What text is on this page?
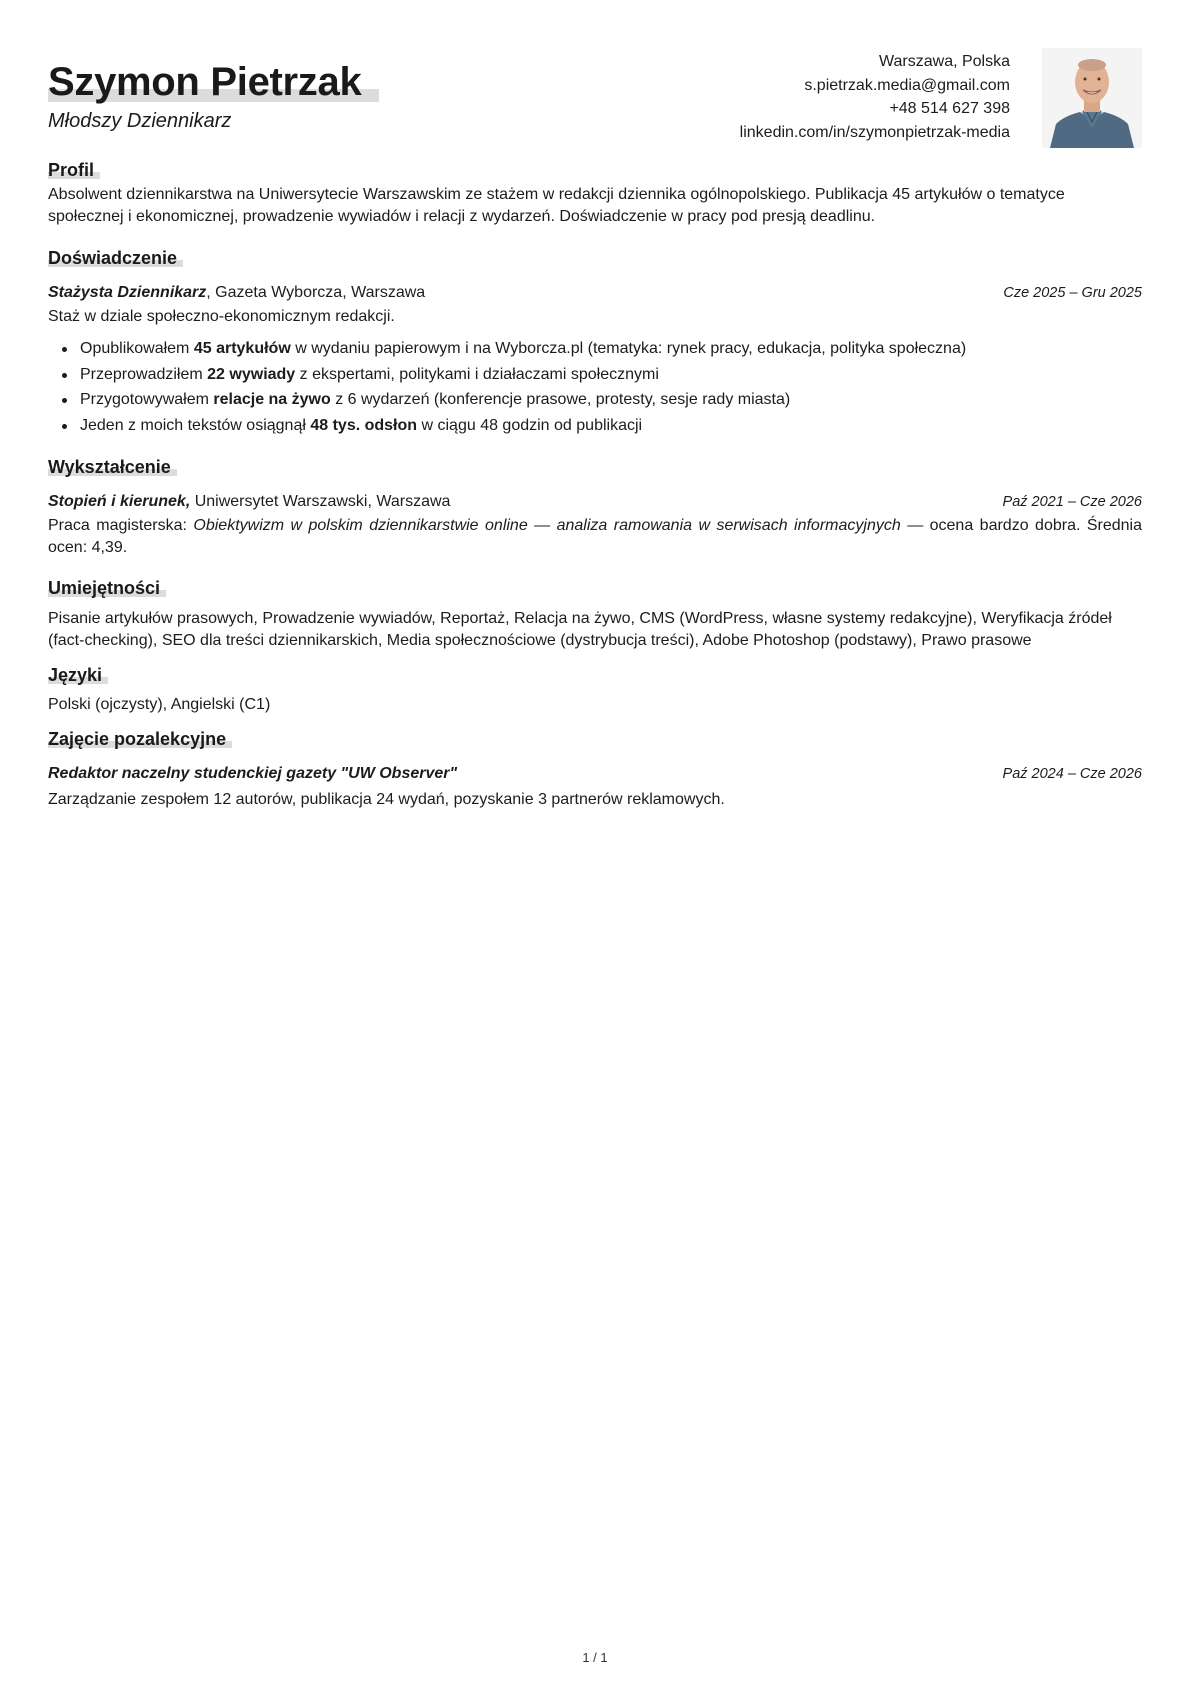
Szymon Pietrzak
Młodszy Dziennikarz
Warszawa, Polska
s.pietrzak.media@gmail.com
+48 514 627 398
linkedin.com/in/szymonpietrzak-media
Profil
Absolwent dziennikarstwa na Uniwersytecie Warszawskim ze stażem w redakcji dziennika ogólnopolskiego. Publikacja 45 artykułów o tematyce społecznej i ekonomicznej, prowadzenie wywiadów i relacji z wydarzeń. Doświadczenie w pracy pod presją deadlinu.
Doświadczenie
Stażysta Dziennikarz, Gazeta Wyborcza, Warszawa	Cze 2025 – Gru 2025
Staż w dziale społeczno-ekonomicznym redakcji.
Opublikowałem 45 artykułów w wydaniu papierowym i na Wyborcza.pl (tematyka: rynek pracy, edukacja, polityka społeczna)
Przeprowadziłem 22 wywiady z ekspertami, politykami i działaczami społecznymi
Przygotowywałem relacje na żywo z 6 wydarzeń (konferencje prasowe, protesty, sesje rady miasta)
Jeden z moich tekstów osiągnął 48 tys. odsłon w ciągu 48 godzin od publikacji
Wykształcenie
Stopień i kierunek, Uniwersytet Warszawski, Warszawa	Paź 2021 – Cze 2026
Praca magisterska: Obiektywizm w polskim dziennikarstwie online — analiza ramowania w serwisach informacyjnych — ocena bardzo dobra. Średnia ocen: 4,39.
Umiejętności
Pisanie artykułów prasowych, Prowadzenie wywiadów, Reportaż, Relacja na żywo, CMS (WordPress, własne systemy redakcyjne), Weryfikacja źródeł (fact-checking), SEO dla treści dziennikarskich, Media społecznościowe (dystrybucja treści), Adobe Photoshop (podstawy), Prawo prasowe
Języki
Polski (ojczysty), Angielski (C1)
Zajęcie pozalekcyjne
Redaktor naczelny studenckiej gazety "UW Observer"	Paź 2024 – Cze 2026
Zarządzanie zespołem 12 autorów, publikacja 24 wydań, pozyskanie 3 partnerów reklamowych.
1 / 1
